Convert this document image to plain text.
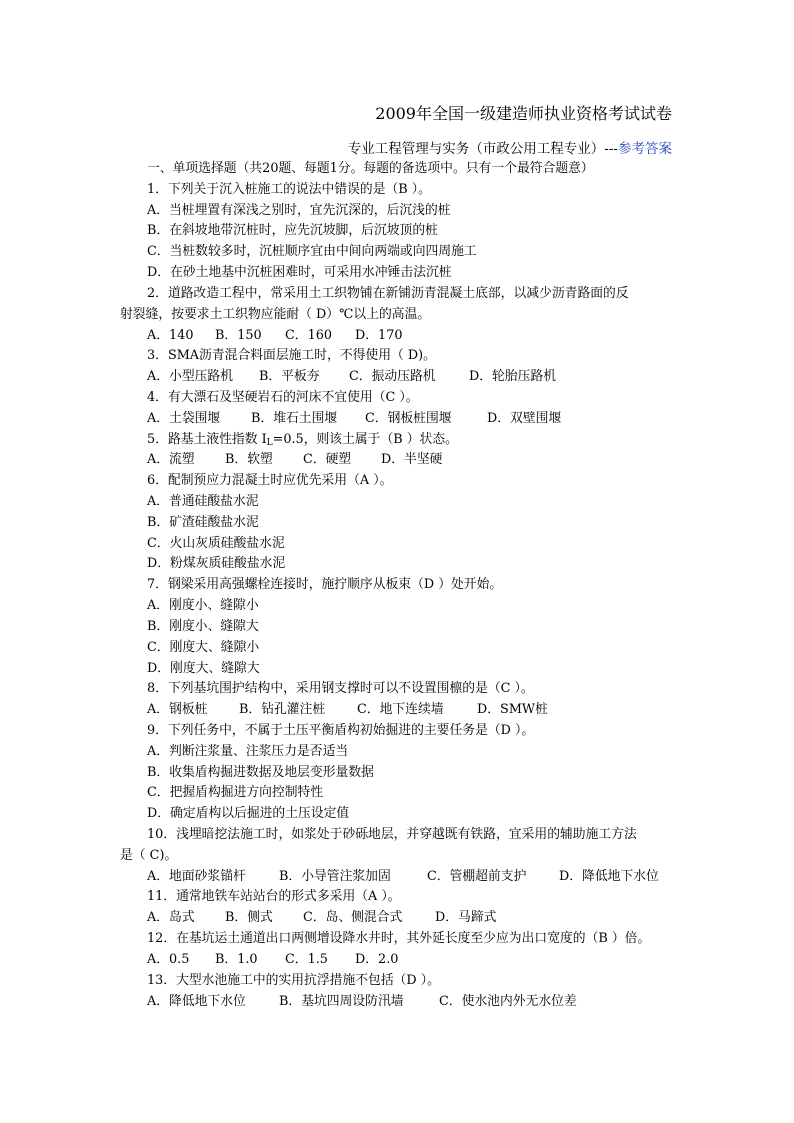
2009年全国一级建造师执业资格考试试卷
专业工程管理与实务（市政公用工程专业）---参考答案
一、单项选择题（共20题、每题1分。每题的备选项中。只有一个最符合题意）
1．下列关于沉入桩施工的说法中错误的是（B ）。
A．当桩埋置有深浅之别时，宜先沉深的，后沉浅的桩
B．在斜坡地带沉桩时，应先沉坡脚，后沉坡顶的桩
C．当桩数较多时，沉桩顺序宜由中间向两端或向四周施工
D．在砂土地基中沉桩困难时，可采用水冲锤击法沉桩
2．道路改造工程中，常采用土工织物铺在新铺沥青混凝土底部，以减少沥青路面的反
射裂缝，按要求土工织物应能耐（ D）℃以上的高温。
A．140 B．150 C．160 D．170
3．SMA沥青混合料面层施工时，不得使用（ D)。
A．小型压路机 B．平板夯 C．振动压路机	D．轮胎压路机
4．有大漂石及坚硬岩石的河床不宜使用（C ）。
A．土袋围堰 B．堆石土围堰 C．钢板桩围堰	D．双壁围堰
5．路基土液性指数 $I_L=0.5$，则该土属于（B ）状态。
A．流塑 B．软塑 C．硬塑 D．半坚硬
6．配制预应力混凝土时应优先采用（A ）。
A．普通硅酸盐水泥
B．矿渣硅酸盐水泥
C．火山灰质硅酸盐水泥
D．粉煤灰质硅酸盐水泥
7．钢梁采用高强螺栓连接时，施拧顺序从板束（D ）处开始。
A．刚度小、缝隙小
B．刚度小、缝隙大
C．刚度大、缝隙小
D．刚度大、缝隙大
8．下列基坑围护结构中，采用钢支撑时可以不设置围檩的是（C ）。
A．钢板桩 B．钻孔灌注桩 C．地下连续墙	D．SMW桩
9．下列任务中，不属于土压平衡盾构初始掘进的主要任务是（D ）。
A．判断注浆量、注浆压力是否适当
B．收集盾构掘进数据及地层变形量数据
C．把握盾构掘进方向控制特性
D．确定盾构以后掘进的土压设定值
10．浅埋暗挖法施工时，如浆处于砂砾地层，并穿越既有铁路，宜采用的辅助施工方法
是（ C)。
A．地面砂浆锚杆	B．小导管注浆加固	C．管棚超前支护	D．降低地下水位
11．通常地铁车站站台的形式多采用（A ）。
A．岛式 B．侧式 C．岛、侧混合式	D．马蹄式
12．在基坑运土通道出口两侧增设降水井时，其外延长度至少应为出口宽度的（B ）倍。
A．0.5 B．1.0 C．1.5 D．2.0
13．大型水池施工中的实用抗浮措施不包括（D ）。
A．降低地下水位	B．基坑四周设防汛墙	C．使水池内外无水位差
